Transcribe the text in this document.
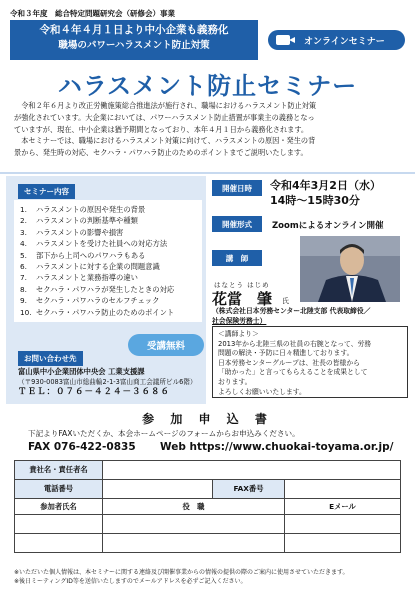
令和３年度　総合特定問題研究会（研修会）事業
令和４年４月１日より中小企業も義務化
職場のパワーハラスメント防止対策	オンラインセミナー
ハラスメント防止セミナー

令和２年６月より改正労働施策総合推進法が施行され、職場におけるハラスメント防止対策

が強化されています。大企業においては、パワーハラスメント防止措置が事業主の義務となっ

ていますが、現在、中小企業は猶予期間となっており、本年４月１日から義務化されます。

本セミナーでは、職場におけるハラスメント対策に向けて、ハラスメントの原因・発生の背

景から、発生時の対応、セクハラ・パワハラ防止のためのポイントまでご説明いたします。

セミナー内容
1. ハラスメントの原因や発生の背景
2. ハラスメントの判断基準や種類
3. ハラスメントの影響や損害
4. ハラスメントを受けた社員への対応方法
5. 部下から上司へのパワハラもある
6. ハラスメントに対する企業の問題意識
7. ハラスメントと業務指導の違い
8. セクハラ・パワハラが発生したときの対応
9. セクハラ・パワハラのセルフチェック
10. セクハラ・パワハラ防止のためのポイント
受講無料
お問い合わせ先
富山県中小企業団体中央会 工業支援課
（〒930-0083富山市総曲輪2-1-3富山商工会議所ビル6階）
ＴＥＬ：０７６－４２４－３６８６
開催日時	令和4年3月2日（水）
14時～15時30分
開催形式	Zoomによるオンライン開催
講　師
はなとう はじめ
花當　肇 氏
（株式会社日本労務センター北陸支部 代表取締役／
社会保険労務士）
＜講師より＞
2013年から北陸三県の社員の右腕となって、労務
問題の解決・予防に日々精進しております。
日本労務センターグループは、社長の皆様から
「助かった」と言ってもらえることを成果として
おります。
よろしくお願いいたします。
参 加 申 込 書
下記よりFAXいただくか、本会ホームページのフォームからお申込みください。
FAX 076-422-0835 Web https://www.chuokai-toyama.or.jp/
貴社名・責任者名			
電話番号		FAX番号	
参加者氏名	役　職		Eメール

※いただいた個人情報は、本セミナーに関する連絡及び開催事業からの情報の提供の際のご案内に使用させていただきます。
※後日ミーティングID等を送信いたしますのでメールアドレスを必ずご記入ください。
